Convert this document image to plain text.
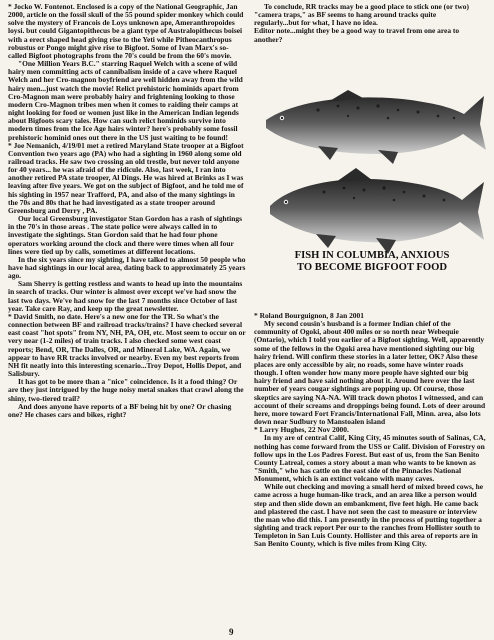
* Jocko W. Fontenot. Enclosed is a copy of the National Geographic, Jan 2000, article on the fossil skull of the 55 pound spider monkey which could solve the mystery of Francois de Loys unknown ape, Ameranthropoides loysi. but could Gigantopithecus be a giant type of Australopithecus boisei with a erect shaped head giving rise to the Yeti while Pitheocanthropus robustus or Pongo might give rise to Bigfoot. Some of Ivan Marx's so-called Bigfoot photographs from the 70's could be from the 60's movie.

"One Million Years B.C." starring Raquel Welch with a scene of wild hairy men committing acts of cannibalism inside of a cave where Raquel Welch and her Cro-magnon boyfriend are well hidden away from the wild hairy men...just watch the movie! Relict prehistoric hominids apart from Cro-Magnon man were probably hairy and frightening looking to those modern Cro-Magnon tribes men when it comes to raiding their camps at night looking for food or women just like in the American Indian legends about Bigfoots scary tales. How can such relict hominids survive into modern times from the Ice Age hairs winter? here's probably some fossil prehistoric hominid ones out there in the US just waiting to be found!

* Joe Nemanich, 4/19/01 met a retired Maryland State trooper at a Bigfoot Convention two years ago (PA) who had a sighting in 1960 along some old railroad tracks. He saw two crossing an old trestle, but never told anyone for 40 years... he was afraid of the ridicule. Also, last week, I ran into another retired PA state trooper, Al Dings. He was hired at Brinks as I was leaving after five years. We got on the subject of Bigfoot, and he told me of his sighting in 1957 near Trafford, PA, and also of the many sightings in the 70s and 80s that he had investigated as a state trooper around Greensburg and Derry , PA.

Our local Greensburg investigator Stan Gordon has a rash of sightings in the 70's in those areas . The state police were always called in to investigate the sightings. Stan Gordon said that he had four phone operators working around the clock and there were times when all four lines were tied up by calls, sometimes at different locations.

In the six years since my sighting, I have talked to almost 50 people who have had sightings in our local area, dating back to approximately 25 years ago.

Sam Sherry is getting restless and wants to head up into the mountains in search of tracks. Our winter is almost over except we've had snow the last two days. We've had snow for the last 7 months since October of last year. Take care Ray, and keep up the great newsletter.

* David Smith, no date. Here's a new one for the TR. So what's the connection between BF and railroad tracks/trains? I have checked several east coast "hot spots" from NY, NH, PA, OH, etc. Most seem to occur on or very near (1-2 miles) of train tracks. I also checked some west coast reports; Bend, OR, The Dalles, OR, and Mineral Lake, WA. Again, we appear to have RR tracks involved or nearby. Even my best reports from NH fit neatly into this interesting scenario...Troy Depot, Hollis Depot, and Salisbury.

It has got to be more than a "nice" coincidence. Is it a food thing? Or are they just intrigued by the huge noisy metal snakes that crawl along the shiny, two-tiered trail?

And does anyone have reports of a BF being hit by one? Or chasing one? He chases cars and bikes, right?

To conclude, RR tracks may be a good place to stick one (or two) "camera traps," as BF seems to hang around tracks quite regularly...but for what, I have no idea.

Editor note...might they be a good way to travel from one area to another?

FISH IN COLUMBIA, ANXIOUS
TO BECOME BIGFOOT FOOD

* Roland Bourguignon, 8 Jan 2001

My second cousin's husband is a former Indian chief of the community of Ogoki, about 400 miles or so north near Webequie (Ontario), which I told you earlier of a Bigfoot sighting. Well, apparently some of the fellows in the Ogoki area have mentioned sighting our big hairy friend. Will confirm these stories in a later letter, OK? Also these places are only accessible by air, no roads, some have winter roads though. I often wonder how many more people have sighted our big hairy friend and have said nothing about it. Around here over the last number of years cougar sightings are popping up. Of course, those skeptics are saying NA-NA. Will track down photos I witnessed, and can account of their screams and droppings being found. Lots of deer around here, more toward Fort Francis/International Fall, Minn. area, also lots down near Sudbury to Manstoalen island

* Larry Hughes, 22 Nov 2000.

In my are of central Calif, King City, 45 minutes south of Salinas, CA, nothing has come forward from the USS or Calif. Division of Forestry on follow ups in the Los Padres Forest. But east of us, from the San Benito County Latreal, comes a story about a man who wants to be known as "Smith," who has cattle on the east side of the Pinnacles National Monument, which is an extinct volcano with many caves.

While out checking and moving a small herd of mixed breed cows, he came across a huge human-like track, and an area like a person would step and then slide down an embankment, five feet high. He came back and plastered the cast. I have not seen the cast to measure or interview the man who did this. I am presently in the process of putting together a sighting and track report Per our to the ranches from Hollister south to Templeton in San Luis County. Hollister and this area of reports are in San Benito County, which is five miles from King City.

9
